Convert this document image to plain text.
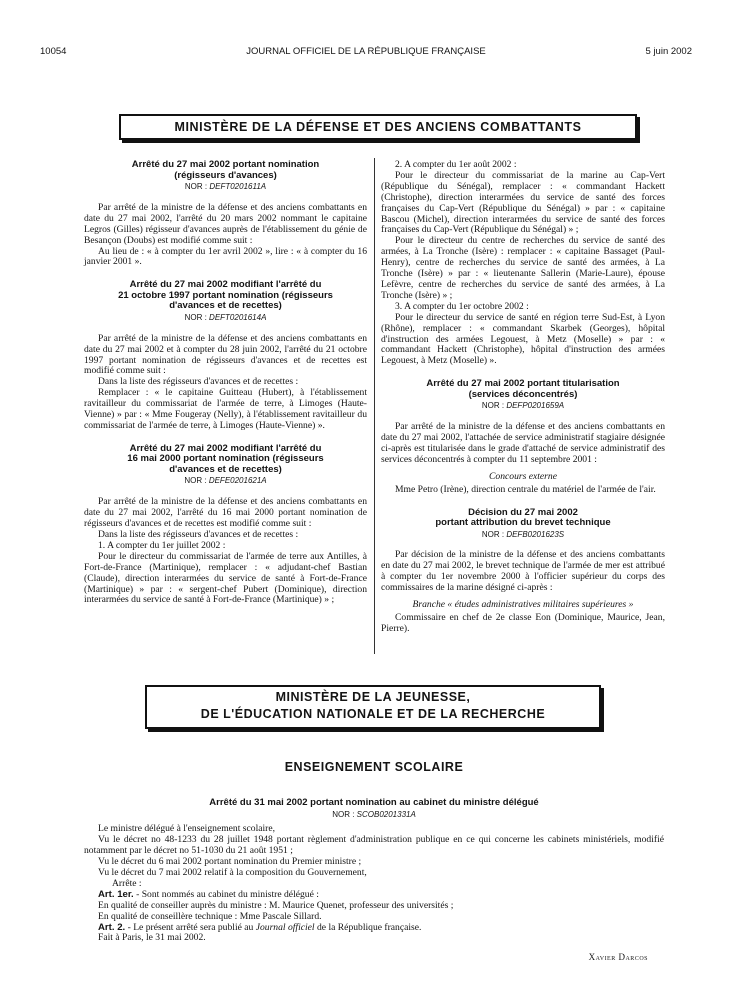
10054	JOURNAL OFFICIEL DE LA RÉPUBLIQUE FRANÇAISE	5 juin 2002
MINISTÈRE DE LA DÉFENSE ET DES ANCIENS COMBATTANTS
Arrêté du 27 mai 2002 portant nomination
(régisseurs d'avances)
NOR : DEFT0201611A

Par arrêté de la ministre de la défense et des anciens combattants en date du 27 mai 2002, l'arrêté du 20 mars 2002 nommant le capitaine Legros (Gilles) régisseur d'avances auprès de l'établissement du génie de Besançon (Doubs) est modifié comme suit :

Au lieu de : « à compter du 1er avril 2002 », lire : « à compter du 16 janvier 2001 ».

Arrêté du 27 mai 2002 modifiant l'arrêté du
21 octobre 1997 portant nomination (régisseurs
d'avances et de recettes)
NOR : DEFT0201614A

Par arrêté de la ministre de la défense et des anciens combattants en date du 27 mai 2002 et à compter du 28 juin 2002, l'arrêté du 21 octobre 1997 portant nomination de régisseurs d'avances et de recettes est modifié comme suit :

Dans la liste des régisseurs d'avances et de recettes :

Remplacer : « le capitaine Guitteau (Hubert), à l'établissement ravitailleur du commissariat de l'armée de terre, à Limoges (Haute-Vienne) » par : « Mme Fougeray (Nelly), à l'établissement ravitailleur du commissariat de l'armée de terre, à Limoges (Haute-Vienne) ».

Arrêté du 27 mai 2002 modifiant l'arrêté du
16 mai 2000 portant nomination (régisseurs
d'avances et de recettes)
NOR : DEFE0201621A

Par arrêté de la ministre de la défense et des anciens combattants en date du 27 mai 2002, l'arrêté du 16 mai 2000 portant nomination de régisseurs d'avances et de recettes est modifié comme suit :

Dans la liste des régisseurs d'avances et de recettes :

1. A compter du 1er juillet 2002 :

Pour le directeur du commissariat de l'armée de terre aux Antilles, à Fort-de-France (Martinique), remplacer : « adjudant-chef Bastian (Claude), direction interarmées du service de santé à Fort-de-France (Martinique) » par : « sergent-chef Pubert (Dominique), direction interarmées du service de santé à Fort-de-France (Martinique) » ;

2. A compter du 1er août 2002 :

Pour le directeur du commissariat de la marine au Cap-Vert (République du Sénégal), remplacer : « commandant Hackett (Christophe), direction interarmées du service de santé des forces françaises du Cap-Vert (République du Sénégal) » par : « capitaine Bascou (Michel), direction interarmées du service de santé des forces françaises du Cap-Vert (République du Sénégal) » ;

Pour le directeur du centre de recherches du service de santé des armées, à La Tronche (Isère) : remplacer : « capitaine Bassaget (Paul-Henry), centre de recherches du service de santé des armées, à La Tronche (Isère) » par : « lieutenante Sallerin (Marie-Laure), épouse Lefèvre, centre de recherches du service de santé des armées, à La Tronche (Isère) » ;

3. A compter du 1er octobre 2002 :

Pour le directeur du service de santé en région terre Sud-Est, à Lyon (Rhône), remplacer : « commandant Skarbek (Georges), hôpital d'instruction des armées Legouest, à Metz (Moselle) » par : « commandant Hackett (Christophe), hôpital d'instruction des armées Legouest, à Metz (Moselle) ».

Arrêté du 27 mai 2002 portant titularisation
(services déconcentrés)
NOR : DEFP0201659A

Par arrêté de la ministre de la défense et des anciens combattants en date du 27 mai 2002, l'attachée de service administratif stagiaire désignée ci-après est titularisée dans le grade d'attaché de service administratif des services déconcentrés à compter du 11 septembre 2001 :

Concours externe

Mme Petro (Irène), direction centrale du matériel de l'armée de l'air.

Décision du 27 mai 2002
portant attribution du brevet technique
NOR : DEFB0201623S

Par décision de la ministre de la défense et des anciens combattants en date du 27 mai 2002, le brevet technique de l'armée de mer est attribué à compter du 1er novembre 2000 à l'officier supérieur du corps des commissaires de la marine désigné ci-après :

Branche « études administratives militaires supérieures »

Commissaire en chef de 2e classe Eon (Dominique, Maurice, Jean, Pierre).

MINISTÈRE DE LA JEUNESSE,
DE L'ÉDUCATION NATIONALE ET DE LA RECHERCHE
ENSEIGNEMENT SCOLAIRE
Arrêté du 31 mai 2002 portant nomination au cabinet du ministre délégué
NOR : SCOB0201331A

Le ministre délégué à l'enseignement scolaire,

Vu le décret no 48-1233 du 28 juillet 1948 portant règlement d'administration publique en ce qui concerne les cabinets ministériels, modifié notamment par le décret no 51-1030 du 21 août 1951 ;

Vu le décret du 6 mai 2002 portant nomination du Premier ministre ;

Vu le décret du 7 mai 2002 relatif à la composition du Gouvernement,

Arrête :

Art. 1er. - Sont nommés au cabinet du ministre délégué :

En qualité de conseiller auprès du ministre : M. Maurice Quenet, professeur des universités ;

En qualité de conseillère technique : Mme Pascale Sillard.

Art. 2. - Le présent arrêté sera publié au Journal officiel de la République française.

Fait à Paris, le 31 mai 2002.

Xavier Darcos
